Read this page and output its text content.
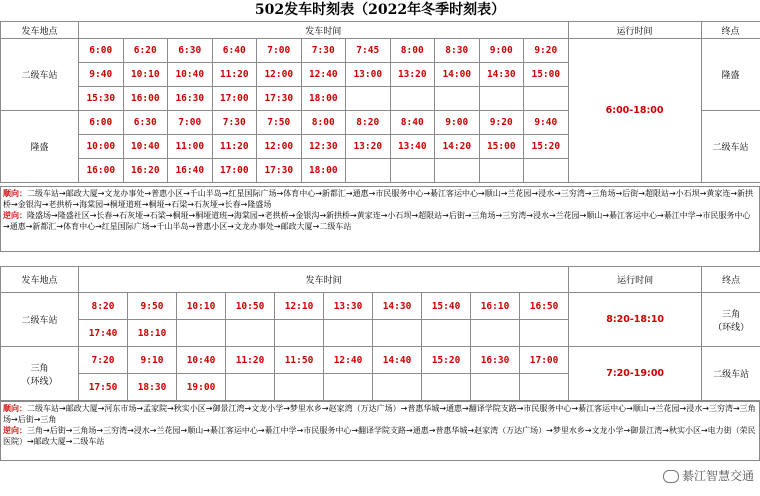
502发车时刻表（2022年冬季时刻表）
发车地点	发车时间											运行时间	终点
二级车站	6:00	6:20	6:30	6:40	7:00	7:30	7:45	8:00	8:30	9:00	9:20	6:00-18:00	隆盛
	9:40	10:10	10:40	11:20	12:00	12:40	13:00	13:20	14:00	14:30	15:00		
	15:30	16:00	16:30	17:00	17:30	18:00							
隆盛	6:00	6:30	7:00	7:30	7:50	8:00	8:20	8:40	9:00	9:20	9:40		二级车站
	10:00	10:40	11:00	11:20	12:00	12:30	13:20	13:40	14:20	15:00	15:20		
	16:00	16:20	16:40	17:00	17:30	18:00							

顺向：二级车站→邮政大厦→文龙办事处→普惠小区→千山半岛→红星国际广场→体育中心→新都汇→通惠→市民服务中心→綦江客运中心→顺山→兰花园→浸水→三穷湾→三角场→后街→超限站→小石坝→黄家连→新拱桥→金银沟→老拱桥→海棠园→桐垭道班→桐垭→石梁→石灰垭→长春→隆盛场

逆向：隆盛场→隆盛社区→长春→石灰垭→石梁→桐垭→桐垭道班→海棠园→老拱桥→金银沟→新拱桥→黄家连→小石坝→超限站→后街→三角场→三穷湾→浸水→兰花园→顺山→綦江客运中心→綦江中学→市民服务中心→通惠→新都汇→体育中心→红星国际广场→千山半岛→普惠小区→文龙办事处→邮政大厦→二级车站

发车地点	发车时间										运行时间	终点

二级车站	8:20	9:50	10:10	10:50	12:10	13:30	14:30	15:40	16:10	16:50	8:20-18:10	三角
（环线）

	17:40	18:10										

三角
（环线）	7:20	9:10	10:40	11:20	11:50	12:40	14:40	15:20	16:30	17:00	7:20-19:00	二级车站

	17:50	18:30	19:00									

顺向：二级车站→邮政大厦→河东市场→孟家院→秋实小区→御景江湾→文龙小学→梦里水乡→赵家湾（万达广场）→普惠华城→通惠→翻译学院支路→市民服务中心→綦江客运中心→顺山→兰花园→浸水→三穷湾→三角场→后街→三角

逆向：三角→后街→三角场→三穷湾→浸水→兰花园→顺山→綦江客运中心→綦江中学→市民服务中心→翻译学院支路→通惠→普惠华城→赵家湾（万达广场）→梦里水乡→文龙小学→御景江湾→秋实小区→电力街（荣民医院）→邮政大厦→二级车站

綦江智慧交通
